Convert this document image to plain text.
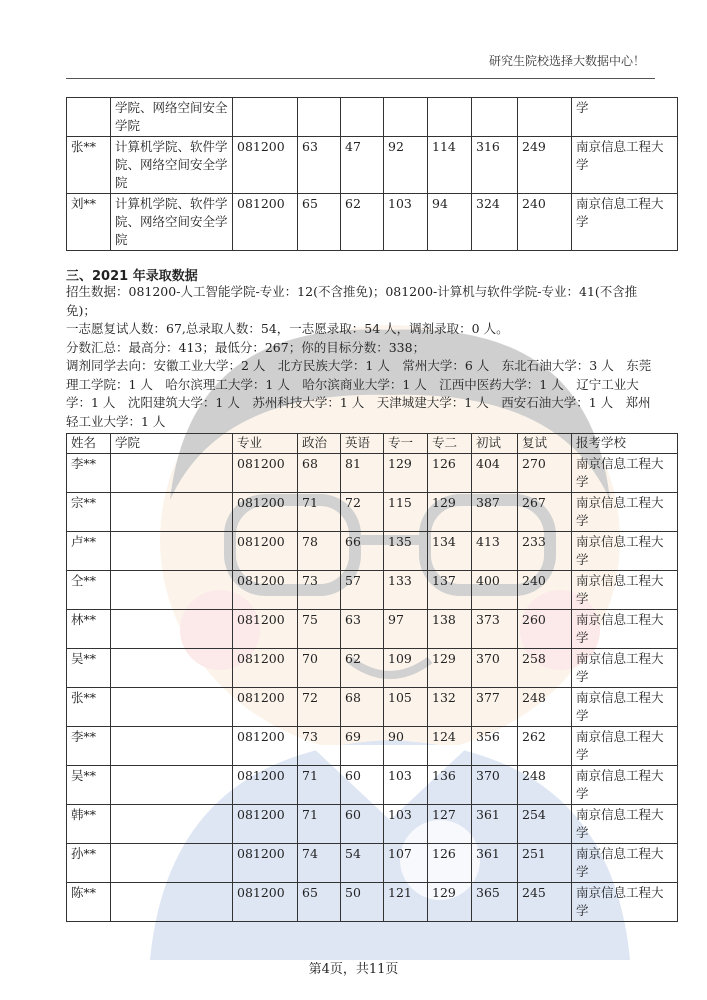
研究生院校选择大数据中心！
	学院、网络空间安全学院								学
张**	计算机学院、软件学院、网络空间安全学院	081200	63	47	92	114	316	249	南京信息工程大学
刘**	计算机学院、软件学院、网络空间安全学院	081200	65	62	103	94	324	240	南京信息工程大学
三、2021 年录取数据

招生数据：081200-人工智能学院-专业：12(不含推免)；081200-计算机与软件学院-专业：41(不含推免)；

一志愿复试人数：67,总录取人数：54，一志愿录取：54 人，调剂录取：0 人。

分数汇总：最高分：413；最低分：267；你的目标分数：338；

调剂同学去向：安徽工业大学：2 人　北方民族大学：1 人　常州大学：6 人　东北石油大学：3 人　东莞理工学院：1 人　哈尔滨理工大学：1 人　哈尔滨商业大学：1 人　江西中医药大学：1 人　辽宁工业大学：1 人　沈阳建筑大学：1 人　苏州科技大学：1 人　天津城建大学：1 人　西安石油大学：1 人　郑州轻工业大学：1 人

姓名	学院	专业	政治	英语	专一	专二	初试	复试	报考学校
李**		081200	68	81	129	126	404	270	南京信息工程大学
宗**		081200	71	72	115	129	387	267	南京信息工程大学
卢**		081200	78	66	135	134	413	233	南京信息工程大学
仝**		081200	73	57	133	137	400	240	南京信息工程大学
林**		081200	75	63	97	138	373	260	南京信息工程大学
吴**		081200	70	62	109	129	370	258	南京信息工程大学
张**		081200	72	68	105	132	377	248	南京信息工程大学
李**		081200	73	69	90	124	356	262	南京信息工程大学
吴**		081200	71	60	103	136	370	248	南京信息工程大学
韩**		081200	71	60	103	127	361	254	南京信息工程大学
孙**		081200	74	54	107	126	361	251	南京信息工程大学
陈**		081200	65	50	121	129	365	245	南京信息工程大学
第4页，共11页
